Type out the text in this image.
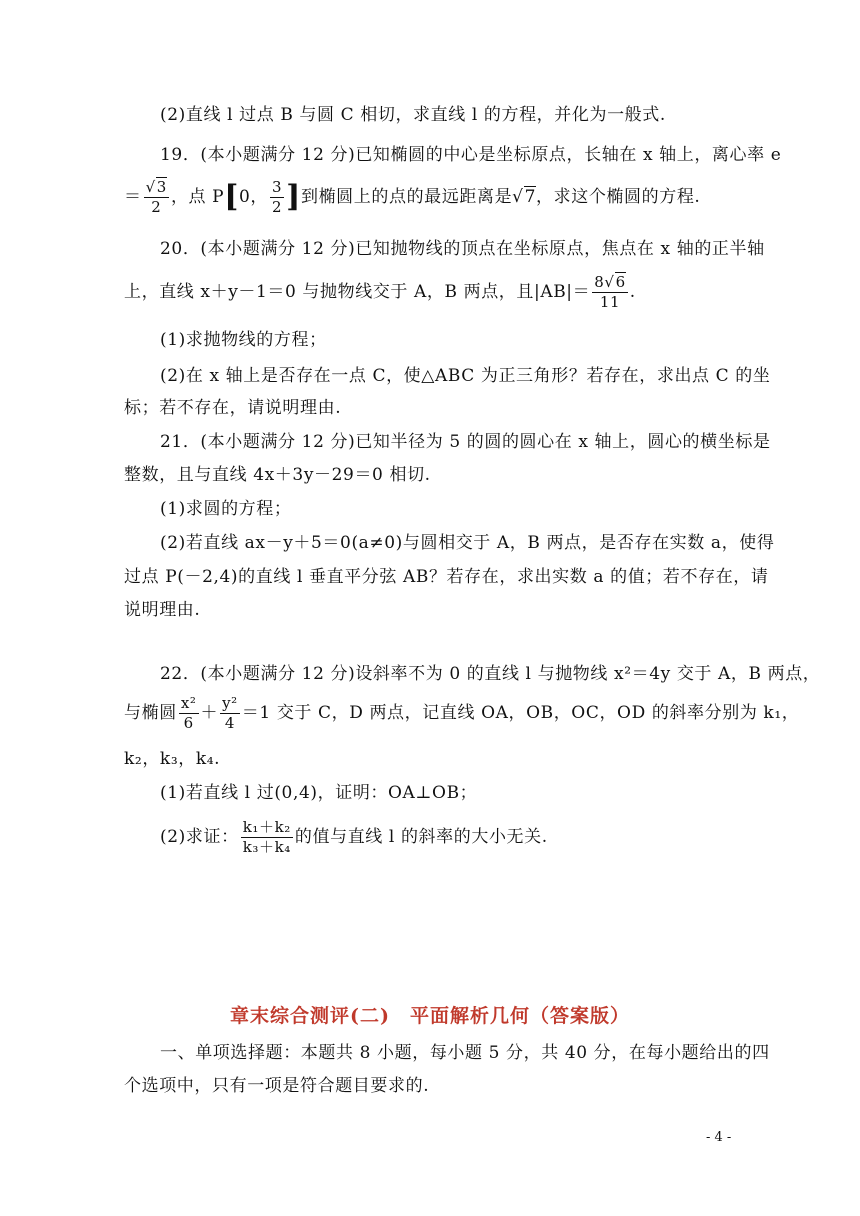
(2)直线 l 过点 B 与圆 C 相切，求直线 l 的方程，并化为一般式.
19．(本小题满分 12 分)已知椭圆的中心是坐标原点，长轴在 x 轴上，离心率 e
＝ $\frac{√3}{2}$ ，点 P[0， $\frac{3}{2}$ ]到椭圆上的点的最远距离是√7，求这个椭圆的方程.
20．(本小题满分 12 分)已知抛物线的顶点在坐标原点，焦点在 x 轴的正半轴
上，直线 x＋y－1＝0 与抛物线交于 A，B 两点，且$|AB|= \frac{8√6}{11}$ .
(1)求抛物线的方程；
(2)在 x 轴上是否存在一点 C，使△ABC 为正三角形？若存在，求出点 C 的坐
标；若不存在，请说明理由.
21．(本小题满分 12 分)已知半径为 5 的圆的圆心在 x 轴上，圆心的横坐标是
整数，且与直线 4x＋3y－29＝0 相切.
(1)求圆的方程；
(2)若直线 ax－y＋5＝0(a≠0)与圆相交于 A，B 两点，是否存在实数 a，使得
过点 P(－2,4)的直线 l 垂直平分弦 AB？若存在，求出实数 a 的值；若不存在，请
说明理由.
22．(本小题满分 12 分)设斜率不为 0 的直线 l 与抛物线 x²＝4y 交于 A，B 两点，
与椭圆 $\frac{\text{x²}}{6} + \frac{\text{y²}}{4} =1$ 交于 C，D 两点，记直线 OA，OB，OC，OD 的斜率分别为 k₁，
k₂，k₃，k₄.
(1)若直线 l 过(0,4)，证明：OA⊥OB；
(2)求证： $\frac{\text{k₁＋k₂}}{\text{k₃＋k₄}}$ 的值与直线 l 的斜率的大小无关.
章末综合测评(二)　平面解析几何（答案版）
一、单项选择题：本题共 8 小题，每小题 5 分，共 40 分，在每小题给出的四
个选项中，只有一项是符合题目要求的.
- 4 -
